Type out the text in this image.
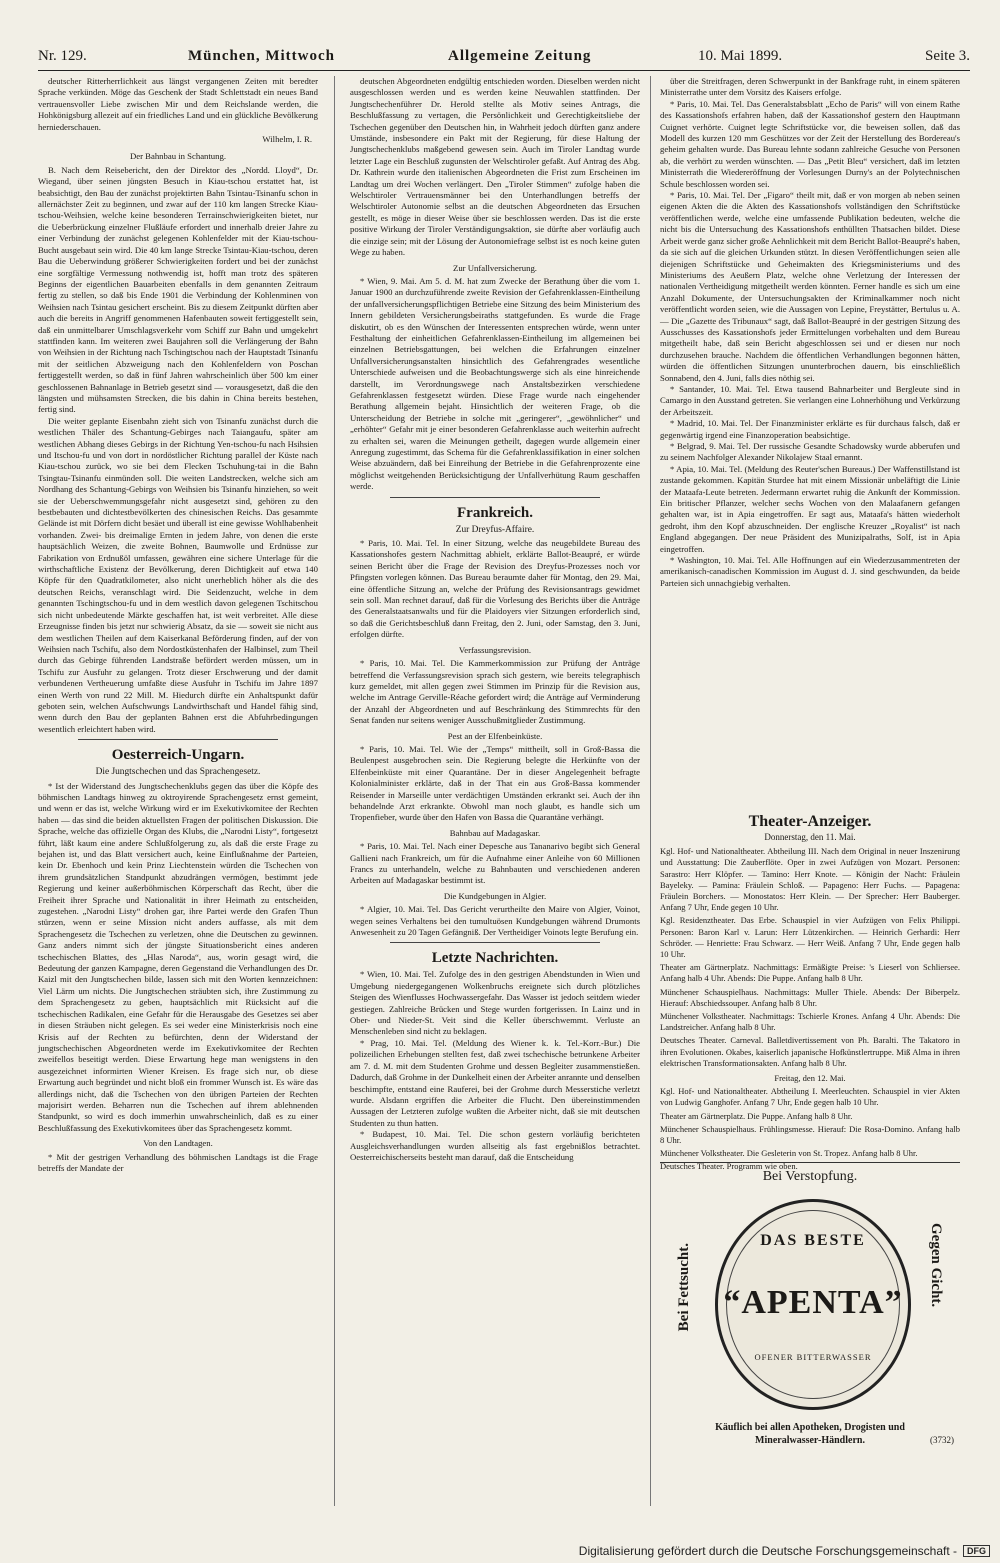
Nr. 129.	München, Mittwoch	Allgemeine Zeitung	10. Mai 1899.	Seite 3.

deutscher Ritterherrlichkeit aus längst vergangenen Zeiten mit beredter Sprache verkünden. Möge das Geschenk der Stadt Schlettstadt ein neues Band vertrauensvoller Liebe zwischen Mir und dem Reichslande werden, die Hohkönigsburg allezeit auf ein friedliches Land und ein glückliche Bevölkerung herniederschauen.

Wilhelm, I. R.

Der Bahnbau in Schantung.

B. Nach dem Reisebericht, den der Direktor des „Nordd. Lloyd“, Dr. Wiegand, über seinen jüngsten Besuch in Kiau-tschou erstattet hat, ist beabsichtigt, den Bau der zunächst projektirten Bahn Tsintau-Tsinanfu schon in allernächster Zeit zu beginnen, und zwar auf der 110 km langen Strecke Kiau-tschou-Weihsien, welche keine besonderen Terrainschwierigkeiten bietet, nur die Ueberbrückung einzelner Flußläufe erfordert und innerhalb dreier Jahre zu einer Verbindung der zunächst gelegenen Kohlenfelder mit der Kiau-tschou-Bucht ausgebaut sein wird. Die 40 km lange Strecke Tsintau-Kiau-tschou, deren Bau die Ueberwindung größerer Schwierigkeiten fordert und bei der zunächst eine sorgfältige Vermessung nothwendig ist, hofft man trotz des späteren Beginns der eigentlichen Bauarbeiten ebenfalls in dem genannten Zeitraum fertig zu stellen, so daß bis Ende 1901 die Verbindung der Kohlenminen von Weihsien nach Tsintau gesichert erscheint. Bis zu diesem Zeitpunkt dürften aber auch die bereits in Angriff genommenen Hafenbauten soweit fertiggestellt sein, daß ein unmittelbarer Umschlagsverkehr vom Schiff zur Bahn und umgekehrt stattfinden kann. Im weiteren zwei Baujahren soll die Verlängerung der Bahn von Weihsien in der Richtung nach Tschingtschou nach der Hauptstadt Tsinanfu mit der seitlichen Abzweigung nach den Kohlenfeldern von Poschan fertiggestellt werden, so daß in fünf Jahren wahrscheinlich über 500 km einer geschlossenen Bahnanlage in Betrieb gesetzt sind — vorausgesetzt, daß die den längsten und mühsamsten Strecken, die bis dahin in China bereits bestehen, fertig sind.

Die weiter geplante Eisenbahn zieht sich von Tsinanfu zunächst durch die westlichen Thäler des Schantung-Gebirges nach Taiangaufu, später am westlichen Abhang dieses Gebirgs in der Richtung Yen-tschou-fu nach Hsihsien und Itschou-fu und von dort in nordöstlicher Richtung parallel der Küste nach Kiau-tschou zurück, wo sie bei dem Flecken Tschuhung-tai in die Bahn Tsingtau-Tsinanfu einmünden soll. Die weiten Landstrecken, welche sich am Nordhang des Schantung-Gebirgs von Weihsien bis Tsinanfu hinziehen, so weit sie der Ueberschwemmungsgefahr nicht ausgesetzt sind, gehören zu den bestbebauten und dichtestbevölkerten des chinesischen Reichs. Das gesammte Gelände ist mit Dörfern dicht besäet und überall ist eine gewisse Wohlhabenheit vorhanden. Zwei- bis dreimalige Ernten in jedem Jahre, von denen die erste hauptsächlich Weizen, die zweite Bohnen, Baumwolle und Erdnüsse zur Fabrikation von Erdnußöl umfassen, gewähren eine sichere Unterlage für die wirthschaftliche Existenz der Bevölkerung, deren Dichtigkeit auf etwa 140 Köpfe für den Quadratkilometer, also nicht unerheblich höher als die des deutschen Reichs, veranschlagt wird. Die Seidenzucht, welche in dem genannten Tschingtschou-fu und in dem westlich davon gelegenen Tschitschou sich nicht unbedeutende Märkte geschaffen hat, ist weit verbreitet. Alle diese Erzeugnisse finden bis jetzt nur schwierig Absatz, da sie — soweit sie nicht aus dem westlichen Theilen auf dem Kaiserkanal Beförderung finden, auf der von Weihsien nach Tschifu, also dem Nordostküstenhafen der Halbinsel, zum Theil durch das Gebirge führenden Landstraße befördert werden müssen, um in Tschifu zur Ausfuhr zu gelangen. Trotz dieser Erschwerung und der damit verbundenen Vertheuerung umfaßte diese Ausfuhr in Tschifu im Jahre 1897 einen Werth von rund 22 Mill. M. Hiedurch dürfte ein Anhaltspunkt dafür geboten sein, welchen Aufschwungs Landwirthschaft und Handel fähig sind, wenn durch den Bau der geplanten Bahnen erst die Abfuhrbedingungen wesentlich erleichtert haben wird.

Oesterreich-Ungarn.

Die Jungtschechen und das Sprachengesetz.

* Ist der Widerstand des Jungtschechenklubs gegen das über die Köpfe des böhmischen Landtags hinweg zu oktroyirende Sprachengesetz ernst gemeint, und wenn er das ist, welche Wirkung wird er im Exekutivkomitee der Rechten haben — das sind die beiden aktuellsten Fragen der politischen Diskussion. Die Sprache, welche das offizielle Organ des Klubs, die „Narodni Listy“, fortgesetzt führt, läßt kaum eine andere Schlußfolgerung zu, als daß die erste Frage zu bejahen ist, und das Blatt versichert auch, keine Einflußnahme der Parteien, kein Dr. Ebenhoch und kein Prinz Liechtenstein würden die Tschechen von ihrem grundsätzlichen Standpunkt abzudrängen vermögen, bestimmt jede Regierung und keiner außerböhmischen Körperschaft das Recht, über die Freiheit ihrer Sprache und Nationalität in ihrer Heimath zu entscheiden, zugestehen. „Narodni Listy“ drohen gar, ihre Partei werde den Grafen Thun stürzen, wenn er seine Mission nicht anders auffasse, als mit dem Sprachengesetz die Tschechen zu verletzen, ohne die Deutschen zu gewinnen. Ganz anders nimmt sich der jüngste Situationsbericht eines anderen tschechischen Blattes, des „Hlas Naroda“, aus, worin gesagt wird, die Bedeutung der ganzen Kampagne, deren Gegenstand die Verhandlungen des Dr. Kaizl mit den Jungtschechen bilde, lassen sich mit den Worten kennzeichnen: Viel Lärm um nichts. Die Jungtschechen sträubten sich, ihre Zustimmung zu dem Sprachengesetz zu geben, hauptsächlich mit Rücksicht auf die tschechischen Radikalen, eine Gefahr für die Herausgabe des Gesetzes sei aber in diesen Sträuben nicht gelegen. Es sei weder eine Ministerkrisis noch eine Krisis auf der Rechten zu befürchten, denn der Widerstand der jungtschechischen Abgeordneten werde im Exekutivkomitee der Rechten zweifellos beseitigt werden. Diese Erwartung hege man wenigstens in den ausgezeichnet informirten Wiener Kreisen. Es frage sich nur, ob diese Erwartung auch begründet und nicht bloß ein frommer Wunsch ist. Es wäre das allerdings nicht, daß die Tschechen von den übrigen Parteien der Rechten majorisirt werden. Beharren nun die Tschechen auf ihrem ablehnenden Standpunkt, so wird es doch immerhin unwahrscheinlich, daß es zu einer Beschlußfassung des Exekutivkomitees über das Sprachengesetz kommt.

Von den Landtagen.

* Mit der gestrigen Verhandlung des böhmischen Landtags ist die Frage betreffs der Mandate der

deutschen Abgeordneten endgültig entschieden worden. Dieselben werden nicht ausgeschlossen werden und es werden keine Neuwahlen stattfinden. Der Jungtschechenführer Dr. Herold stellte als Motiv seines Antrags, die Beschlußfassung zu vertagen, die Persönlichkeit und Gerechtigkeitsliebe der Tschechen gegenüber den Deutschen hin, in Wahrheit jedoch dürften ganz andere Umstände, insbesondere ein Pakt mit der Regierung, für diese Haltung der Jungtschechenklubs maßgebend gewesen sein. Auch im Tiroler Landtag wurde letzter Lage ein Beschluß zugunsten der Welschtiroler gefaßt. Auf Antrag des Abg. Dr. Kathrein wurde den italienischen Abgeordneten die Frist zum Erscheinen im Landtag um drei Wochen verlängert. Den „Tiroler Stimmen“ zufolge haben die Welschtiroler Vertrauensmänner bei den Unterhandlungen betreffs der Welschtiroler Autonomie selbst an die deutschen Abgeordneten das Ersuchen gestellt, es möge in dieser Weise über sie beschlossen werden. Das ist die erste positive Wirkung der Tiroler Verständigungsaktion, sie dürfte aber vorläufig auch die einzige sein; mit der Lösung der Autonomiefrage selbst ist es noch keine guten Wege zu haben.

Zur Unfallversicherung.

* Wien, 9. Mai. Am 5. d. M. hat zum Zwecke der Berathung über die vom 1. Januar 1900 an durchzuführende zweite Revision der Gefahrenklassen-Eintheilung der unfallversicherungspflichtigen Betriebe eine Sitzung des beim Ministerium des Innern gebildeten Versicherungsbeiraths stattgefunden. Es wurde die Frage diskutirt, ob es den Wünschen der Interessenten entsprechen würde, wenn unter Festhaltung der einheitlichen Gefahrenklassen-Eintheilung im allgemeinen bei einzelnen Betriebsgattungen, bei welchen die Erfahrungen einzelner Unfallversicherungsanstalten hinsichtlich des Gefahrengrades wesentliche Unterschiede aufweisen und die Beobachtungswerge sich als eine hinreichende darstellt, im Verordnungswege nach Anstaltsbezirken verschiedene Gefahrenklassen festgesetzt würden. Diese Frage wurde nach eingehender Berathung allgemein bejaht. Hinsichtlich der weiteren Frage, ob die Unterscheidung der Betriebe in solche mit „geringerer“, „gewöhnlicher“ und „erhöhter“ Gefahr mit je einer besonderen Gefahrenklasse auch weiterhin aufrecht zu erhalten sei, waren die Meinungen getheilt, dagegen wurde allgemein einer Anregung zugestimmt, das Schema für die Gefahrenklassifikation in einer solchen Weise abzuändern, daß bei Einreihung der Betriebe in die Gefahrenprozente eine möglichst weitgehenden Berücksichtigung der Unfallverhütung Raum geschaffen werde.

Frankreich.

Zur Dreyfus-Affaire.

* Paris, 10. Mai. Tel. In einer Sitzung, welche das neugebildete Bureau des Kassationshofes gestern Nachmittag abhielt, erklärte Ballot-Beaupré, er würde seinen Bericht über die Frage der Revision des Dreyfus-Prozesses noch vor Pfingsten vorlegen können. Das Bureau beraumte daher für Montag, den 29. Mai, eine öffentliche Sitzung an, welche der Prüfung des Revisionsantrags gewidmet sein soll. Man rechnet darauf, daß für die Vorlesung des Berichts über die Anträge des Generalstaatsanwalts und für die Plaidoyers vier Sitzungen erforderlich sind, so daß die Gerichtsbeschluß dann Freitag, den 2. Juni, oder Samstag, den 3. Juni, erfolgen dürfte.

Verfassungsrevision.

* Paris, 10. Mai. Tel. Die Kammerkommission zur Prüfung der Anträge betreffend die Verfassungsrevision sprach sich gestern, wie bereits telegraphisch kurz gemeldet, mit allen gegen zwei Stimmen im Prinzip für die Revision aus, welche im Antrage Gerville-Réache gefordert wird; die Anträge auf Verminderung der Anzahl der Abgeordneten und auf Beschränkung des Stimmrechts für den Senat fanden nur seitens weniger Ausschußmitglieder Zustimmung.

Pest an der Elfenbeinküste.

* Paris, 10. Mai. Tel. Wie der „Temps“ mittheilt, soll in Groß-Bassa die Beulenpest ausgebrochen sein. Die Regierung belegte die Herkünfte von der Elfenbeinküste mit einer Quarantäne. Der in dieser Angelegenheit befragte Kolonialminister erklärte, daß in der That ein aus Groß-Bassa kommender Reisender in Marseille unter verdächtigen Umständen erkrankt sei. Auch der ihn behandelnde Arzt erkrankte. Obwohl man noch glaubt, es handle sich um Tropenfieber, wurde über den Hafen von Bassa die Quarantäne verhängt.

Bahnbau auf Madagaskar.

* Paris, 10. Mai. Tel. Nach einer Depesche aus Tananarivo begibt sich General Gallieni nach Frankreich, um für die Aufnahme einer Anleihe von 60 Millionen Francs zu unterhandeln, welche zu Bahnbauten und verschiedenen anderen Arbeiten auf Madagaskar bestimmt ist.

Die Kundgebungen in Algier.

* Algier, 10. Mai. Tel. Das Gericht verurtheilte den Maire von Algier, Voinot, wegen seines Verhaltens bei den tumultuösen Kundgebungen während Drumonts Anwesenheit zu 20 Tagen Gefängniß. Der Vertheidiger Voinots legte Berufung ein.

Letzte Nachrichten.

* Wien, 10. Mai. Tel. Zufolge des in den gestrigen Abendstunden in Wien und Umgebung niedergegangenen Wolkenbruchs ereignete sich durch plötzliches Steigen des Wienflusses Hochwassergefahr. Das Wasser ist jedoch seitdem wieder gestiegen. Zahlreiche Brücken und Stege wurden fortgerissen. In Lainz und in Ober- und Nieder-St. Veit sind die Keller überschwemmt. Verluste an Menschenleben sind nicht zu beklagen.

* Prag, 10. Mai. Tel. (Meldung des Wiener k. k. Tel.-Korr.-Bur.) Die polizeilichen Erhebungen stellten fest, daß zwei tschechische betrunkene Arbeiter am 7. d. M. mit dem Studenten Grohme und dessen Begleiter zusammenstießen. Dadurch, daß Grohme in der Dunkelheit einen der Arbeiter anrannte und denselben beschimpfte, entstand eine Rauferei, bei der Grohme durch Messerstiche verletzt wurde. Alsdann ergriffen die Arbeiter die Flucht. Den übereinstimmenden Aussagen der Letzteren zufolge wußten die Arbeiter nicht, daß sie mit deutschen Studenten zu thun hatten.

* Budapest, 10. Mai. Tel. Die schon gestern vorläufig berichteten Ausgleichsverhandlungen wurden allseitig als fast ergebnißlos betrachtet. Oesterreichischerseits besteht man darauf, daß die Entscheidung

über die Streitfragen, deren Schwerpunkt in der Bankfrage ruht, in einem späteren Ministerrathe unter dem Vorsitz des Kaisers erfolge.

* Paris, 10. Mai. Tel. Das Generalstabsblatt „Echo de Paris“ will von einem Rathe des Kassationshofs erfahren haben, daß der Kassationshof gestern den Hauptmann Cuignet verhörte. Cuignet legte Schriftstücke vor, die beweisen sollen, daß das Modell des kurzen 120 mm Geschützes vor der Zeit der Herstellung des Bordereau's geheim gehalten wurde. Das Bureau lehnte sodann zahlreiche Gesuche von Personen ab, die verhört zu werden wünschten. — Das „Petit Bleu“ versichert, daß im letzten Ministerrath die Wiedereröffnung der Vorlesungen Durny's an der Polytechnischen Schule beschlossen worden sei.

* Paris, 10. Mai. Tel. Der „Figaro“ theilt mit, daß er von morgen ab neben seinen eigenen Akten die die Akten des Kassationshofs vollständigen den Schriftstücke veröffentlichen werde, welche eine umfassende Publikation bedeuten, welche die nicht bis die Untersuchung des Kassationshofs enthüllten Thatsachen bildet. Diese Arbeit werde ganz sicher große Aehnlichkeit mit dem Bericht Ballot-Beaupré's haben, da sie sich auf die gleichen Urkunden stützt. In diesen Veröffentlichungen seien alle diejenigen Schriftstücke und Geheimakten des Kriegsministeriums und des Ministeriums des Aeußern Platz, welche ohne Verletzung der Interessen der nationalen Vertheidigung mitgetheilt werden könnten. Ferner handle es sich um eine Anzahl Dokumente, der Untersuchungsakten der Kriminalkammer noch nicht veröffentlicht worden seien, wie die Aussagen von Lepine, Freystätter, Bertulus u. A. — Die „Gazette des Tribunaux“ sagt, daß Ballot-Beaupré in der gestrigen Sitzung des Ausschusses des Kassationshofs jeder Ermittelungen vorbehalten und dem Bureau mitgetheilt habe, daß sein Bericht abgeschlossen sei und er diesen nur noch durchzusehen brauche. Nachdem die öffentlichen Verhandlungen begonnen hätten, würden die öffentlichen Sitzungen ununterbrochen dauern, bis einschließlich Sonnabend, den 4. Juni, falls dies nöthig sei.

* Santander, 10. Mai. Tel. Etwa tausend Bahnarbeiter und Bergleute sind in Camargo in den Ausstand getreten. Sie verlangen eine Lohnerhöhung und Verkürzung der Arbeitszeit.

* Madrid, 10. Mai. Tel. Der Finanzminister erklärte es für durchaus falsch, daß er gegenwärtig irgend eine Finanzoperation beabsichtige.

* Belgrad, 9. Mai. Tel. Der russische Gesandte Schadowsky wurde abberufen und zu seinem Nachfolger Alexander Nikolajew Staal ernannt.

* Apia, 10. Mai. Tel. (Meldung des Reuter'schen Bureaus.) Der Waffenstillstand ist zustande gekommen. Kapitän Sturdee hat mit einem Missionär unbeläftigt die Linie der Mataafa-Leute betreten. Jedermann erwartet ruhig die Ankunft der Kommission. Ein britischer Pflanzer, welcher sechs Wochen von den Malaafanern gefangen gehalten war, ist in Apia eingetroffen. Er sagt aus, Mataafa's hätten wiederholt gedroht, ihm den Kopf abzuschneiden. Der englische Kreuzer „Royalist“ ist nach England abgegangen. Der neue Präsident des Munizipalraths, Solf, ist in Apia eingetroffen.

* Washington, 10. Mai. Tel. Alle Hoffnungen auf ein Wiederzusammentreten der amerikanisch-canadischen Kommission im August d. J. sind geschwunden, da beide Parteien sich unnachgiebig verhalten.

Theater-Anzeiger.
Donnerstag, den 11. Mai.

Kgl. Hof- und Nationaltheater. Abtheilung III. Nach dem Original in neuer Inszenirung und Ausstattung: Die Zauberflöte. Oper in zwei Aufzügen von Mozart. Personen: Sarastro: Herr Klöpfer. — Tamino: Herr Knote. — Königin der Nacht: Fräulein Bayeleky. — Pamina: Fräulein Schloß. — Papageno: Herr Fuchs. — Papagena: Fräulein Borchers. — Monostatos: Herr Klein. — Der Sprecher: Herr Bauberger. Anfang 7 Uhr, Ende gegen 10 Uhr.

Kgl. Residenztheater. Das Erbe. Schauspiel in vier Aufzügen von Felix Philippi. Personen: Baron Karl v. Larun: Herr Lützenkirchen. — Heinrich Gerhardi: Herr Schröder. — Henriette: Frau Schwarz. — Herr Weiß. Anfang 7 Uhr, Ende gegen halb 10 Uhr.

Theater am Gärtnerplatz. Nachmittags: Ermäßigte Preise: 's Lieserl von Schliersee. Anfang halb 4 Uhr. Abends: Die Puppe. Anfang halb 8 Uhr.

Münchener Schauspielhaus. Nachmittags: Muller Thiele. Abends: Der Biberpelz. Hierauf: Abschiedssouper. Anfang halb 8 Uhr.

Münchener Volkstheater. Nachmittags: Tschierle Krones. Anfang 4 Uhr. Abends: Die Landstreicher. Anfang halb 8 Uhr.

Deutsches Theater. Carneval. Balletdivertissement von Ph. Baralti. The Takatoro in ihren Evolutionen. Okabes, kaiserlich japanische Hofkünstlertruppe. Miß Alma in ihren elektrischen Transformationsakten. Anfang halb 8 Uhr.

Freitag, den 12. Mai.

Kgl. Hof- und Nationaltheater. Abtheilung I. Meerleuchten. Schauspiel in vier Akten von Ludwig Ganghofer. Anfang 7 Uhr, Ende gegen halb 10 Uhr.

Theater am Gärtnerplatz. Die Puppe. Anfang halb 8 Uhr.

Münchener Schauspielhaus. Frühlingsmesse. Hierauf: Die Rosa-Domino. Anfang halb 8 Uhr.

Münchener Volkstheater. Die Gesleterin von St. Tropez. Anfang halb 8 Uhr.

Deutsches Theater. Programm wie oben.

Bei Verstopfung.
Bei Fettsucht.	Gegen Gicht.
DAS BESTE
“APENTA”
OFENER BITTERWASSER
Käuflich bei allen Apotheken, Drogisten und
Mineralwasser-Händlern.	(3732)
Digitalisierung gefördert durch die Deutsche Forschungsgemeinschaft -	DFG
